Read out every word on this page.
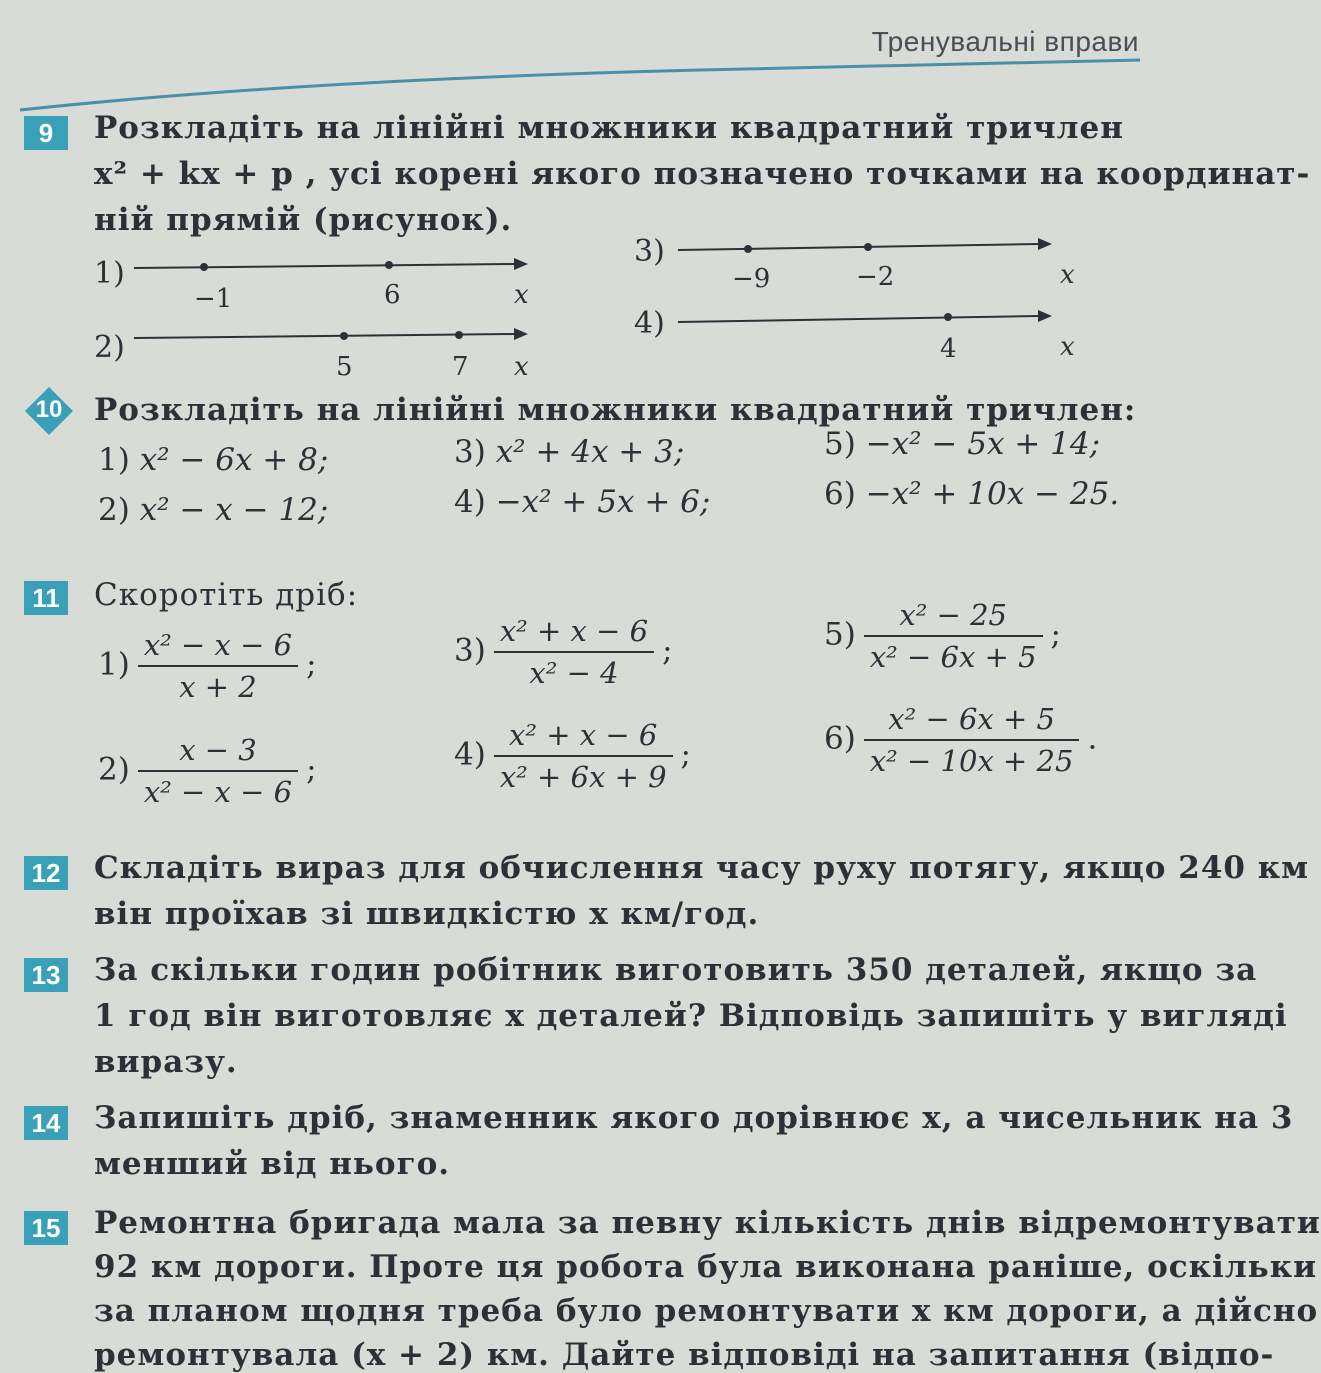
Тренувальні вправи
9	Розкладіть на лінійні множники квадратний тричлен
x² + kx + p , усі корені якого позначено точками на координат-
ній прямій (рисунок).
1)
−1	6	x
2)
5	7 x
3)
−9	−2	x
4)
4	x
10	Розкладіть на лінійні множники квадратний тричлен:
1) x² − 6x + 8;
2) x² − x − 12;
3) x² + 4x + 3;
4) −x² + 5x + 6;
5) −x² − 5x + 14;
6) −x² + 10x − 25.
11 Скоротіть дріб:
$1) \frac{\text{x² − x − 6}}{x + 2}$ ;
$2) \frac{x - 3}{\text{x² − x − 6}}$ ;
$3) \frac{\text{x² + x − 6}}{\text{x² − 4}}$ ;
$4) \frac{\text{x² + x − 6}}{\text{x² + 6x + 9}}$ ;
$5) \frac{\text{x² − 25}}{\text{x² − 6x + 5}}$ ;
$6) \frac{\text{x² − 6x + 5}}{\text{x² − 10x + 25}}$ .
12 Складіть вираз для обчислення часу руху потягу, якщо 240 км
він проїхав зі швидкістю x км/год.
13 За скільки годин робітник виготовить 350 деталей, якщо за
1 год він виготовляє x деталей? Відповідь запишіть у вигляді
виразу.
14 Запишіть дріб, знаменник якого дорівнює x, а чисельник на 3
менший від нього.
15 Ремонтна бригада мала за певну кількість днів відремонтувати
92 км дороги. Проте ця робота була виконана раніше, оскільки
за планом щодня треба було ремонтувати x км дороги, а дійсно
ремонтувала (x + 2) км. Дайте відповіді на запитання (відпо-
